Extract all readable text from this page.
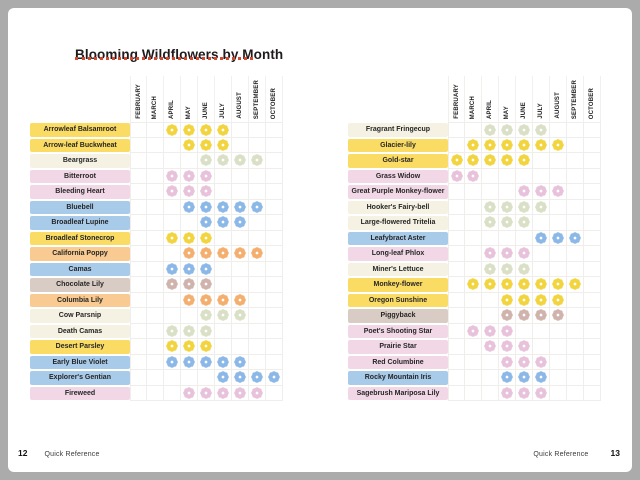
Blooming Wildflowers by Month
FEBRUARY MARCH APRIL MAY JUNE JULY AUGUST SEPTEMBER OCTOBER
Arrowleaf Balsamroot
Arrow-leaf Buckwheat
Beargrass
Bitterroot
Bleeding Heart
Bluebell
Broadleaf Lupine
Broadleaf Stonecrop
California Poppy
Camas
Chocolate Lily
Columbia Lily
Cow Parsnip
Death Camas
Desert Parsley
Early Blue Violet
Explorer's Gentian
Fireweed
FEBRUARY MARCH APRIL MAY JUNE JULY AUGUST SEPTEMBER OCTOBER
Fragrant Fringecup
Glacier-lily
Gold-star
Grass Widow
Great Purple Monkey-flower
Hooker's Fairy-bell
Large-flowered Tritelia
Leafybract Aster
Long-leaf Phlox
Miner's Lettuce
Monkey-flower
Oregon Sunshine
Piggyback
Poet's Shooting Star
Prairie Star
Red Columbine
Rocky Mountain Iris
Sagebrush Mariposa Lily
12 Quick Reference	Quick Reference	13
